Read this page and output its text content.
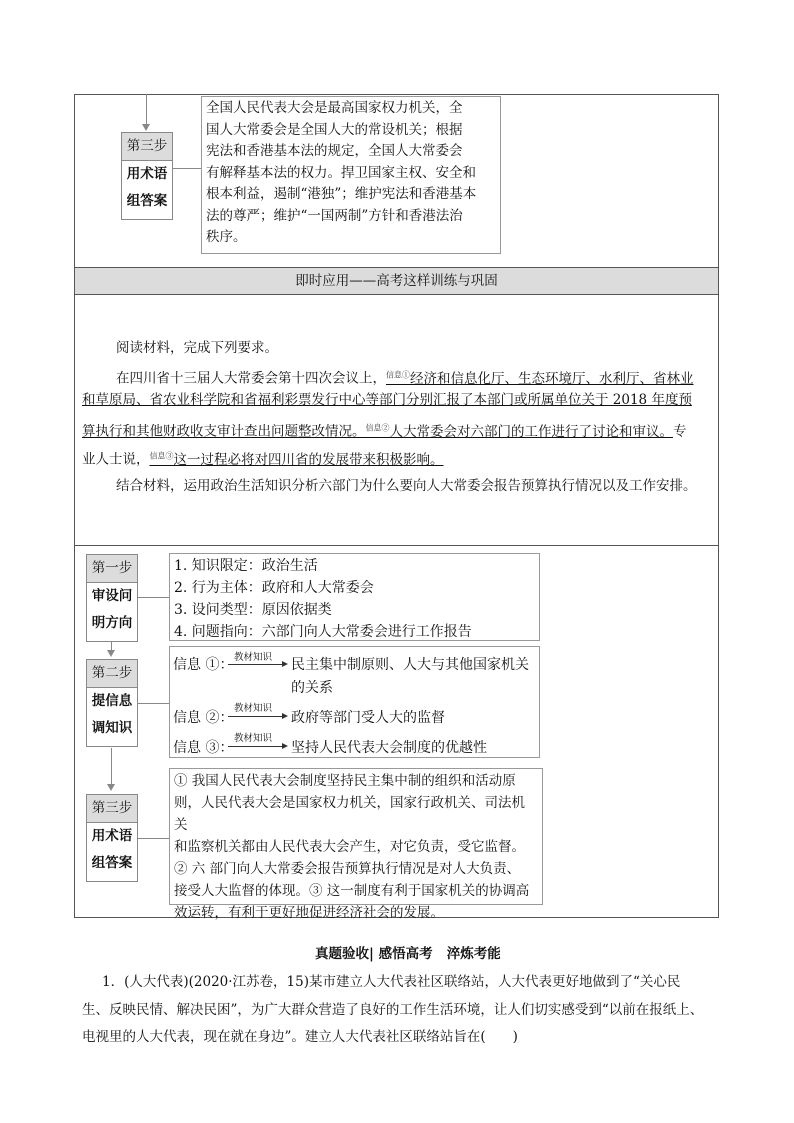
第三步
用术语
组答案
全国人民代表大会是最高国家权力机关，全
国人大常委会是全国人大的常设机关；根据
宪法和香港基本法的规定，全国人大常委会
有解释基本法的权力。捍卫国家主权、安全和
根本利益，遏制“港独”；维护宪法和香港基本
法的尊严；维护“一国两制”方针和香港法治
秩序。
即时应用——高考这样训练与巩固
阅读材料，完成下列要求。
在四川省十三届人大常委会第十四次会议上，$^{信息①}$经济和信息化厅、生态环境厅、水利厅、省林业
和草原局、省农业科学院和省福利彩票发行中心等部门分别汇报了本部门或所属单位关于 2018 年度预
算执行和其他财政收支审计查出问题整改情况。$^{信息②}$人大常委会对六部门的工作进行了讨论和审议。专
业人士说，$^{信息③}$这一过程必将对四川省的发展带来积极影响。
结合材料，运用政治生活知识分析六部门为什么要向人大常委会报告预算执行情况以及工作安排。
第一步
审设问
明方向
1. 知识限定：政治生活
2. 行为主体：政府和人大常委会
3. 设问类型：原因依据类
4. 问题指向：六部门向人大常委会进行工作报告
第二步
提信息
调知识
信息 ①： 教材知识 民主集中制原则、人大与其他国家机关
的关系
信息 ②：
教材知识
政府等部门受人大的监督
信息 ③：
教材知识
坚持人民代表大会制度的优越性
第三步
用术语
组答案
① 我国人民代表大会制度坚持民主集中制的组织和活动原
则，人民代表大会是国家权力机关，国家行政机关、司法机关
和监察机关都由人民代表大会产生，对它负责，受它监督。
② 六 部门向人大常委会报告预算执行情况是对人大负责、
接受人大监督的体现。③ 这一制度有利于国家机关的协调高
效运转，有利于更好地促进经济社会的发展。
真题验收| 感悟高考   淬炼考能
1．(人大代表)(2020·江苏卷，15)某市建立人大代表社区联络站，人大代表更好地做到了“关心民
生、反映民情、解决民困”，为广大群众营造了良好的工作生活环境，让人们切实感受到“以前在报纸上、
电视里的人大代表，现在就在身边”。建立人大代表社区联络站旨在(　　)
